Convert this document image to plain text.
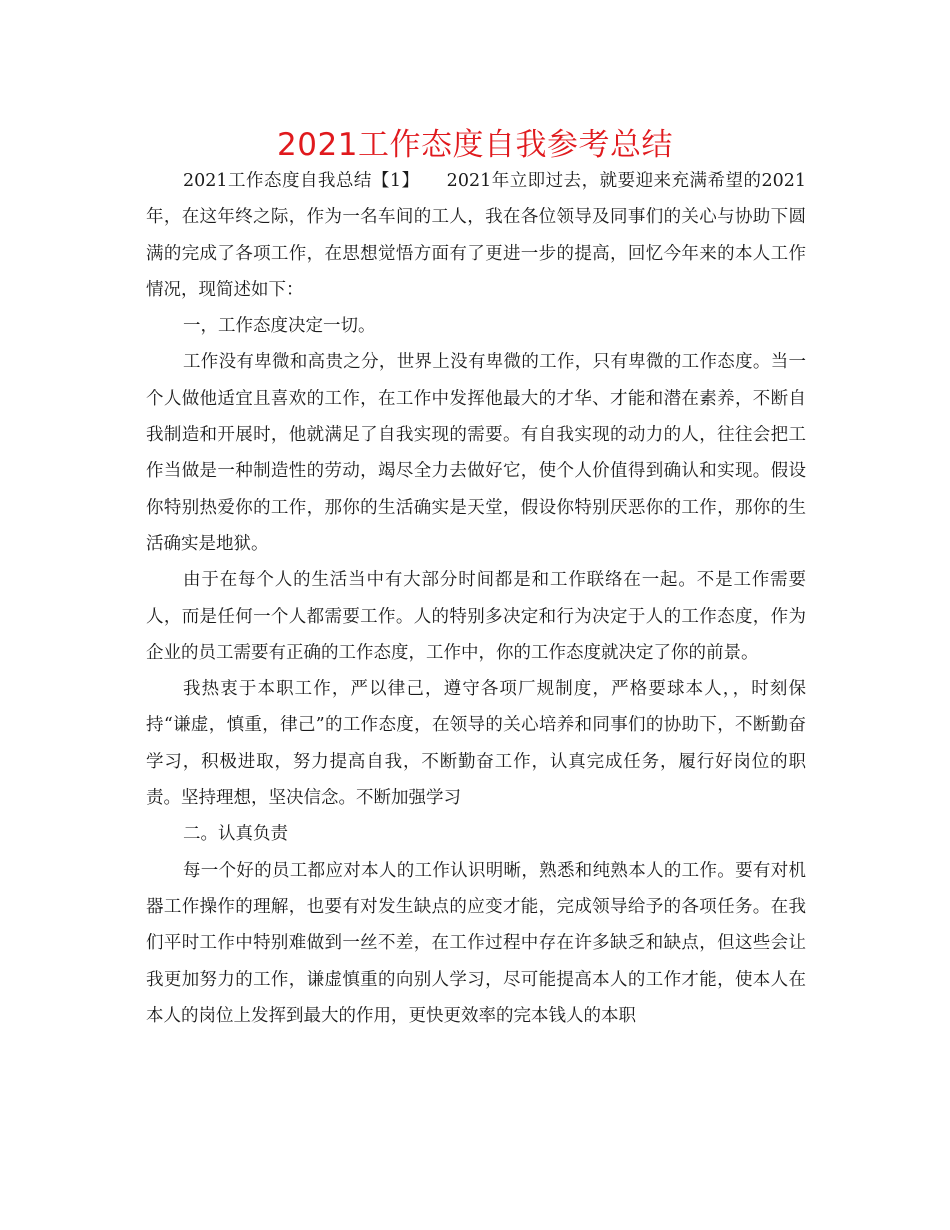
2021工作态度自我参考总结

2021工作态度自我总结【1】　　2021年立即过去，就要迎来充满希望的2021年，在这年终之际，作为一名车间的工人，我在各位领导及同事们的关心与协助下圆满的完成了各项工作，在思想觉悟方面有了更进一步的提高，回忆今年来的本人工作情况，现简述如下：

一，工作态度决定一切。

工作没有卑微和高贵之分，世界上没有卑微的工作，只有卑微的工作态度。当一个人做他适宜且喜欢的工作，在工作中发挥他最大的才华、才能和潜在素养，不断自我制造和开展时，他就满足了自我实现的需要。有自我实现的动力的人，往往会把工作当做是一种制造性的劳动，竭尽全力去做好它，使个人价值得到确认和实现。假设你特别热爱你的工作，那你的生活确实是天堂，假设你特别厌恶你的工作，那你的生活确实是地狱。

由于在每个人的生活当中有大部分时间都是和工作联络在一起。不是工作需要人，而是任何一个人都需要工作。人的特别多决定和行为决定于人的工作态度，作为企业的员工需要有正确的工作态度，工作中，你的工作态度就决定了你的前景。

我热衷于本职工作，严以律己，遵守各项厂规制度，严格要球本人，，时刻保持“谦虚，慎重，律己”的工作态度，在领导的关心培养和同事们的协助下，不断勤奋学习，积极进取，努力提高自我，不断勤奋工作，认真完成任务，履行好岗位的职责。坚持理想，坚决信念。不断加强学习

二。认真负责

每一个好的员工都应对本人的工作认识明晰，熟悉和纯熟本人的工作。要有对机器工作操作的理解，也要有对发生缺点的应变才能，完成领导给予的各项任务。在我们平时工作中特别难做到一丝不差，在工作过程中存在许多缺乏和缺点，但这些会让我更加努力的工作，谦虚慎重的向别人学习，尽可能提高本人的工作才能，使本人在本人的岗位上发挥到最大的作用，更快更效率的完本钱人的本职
